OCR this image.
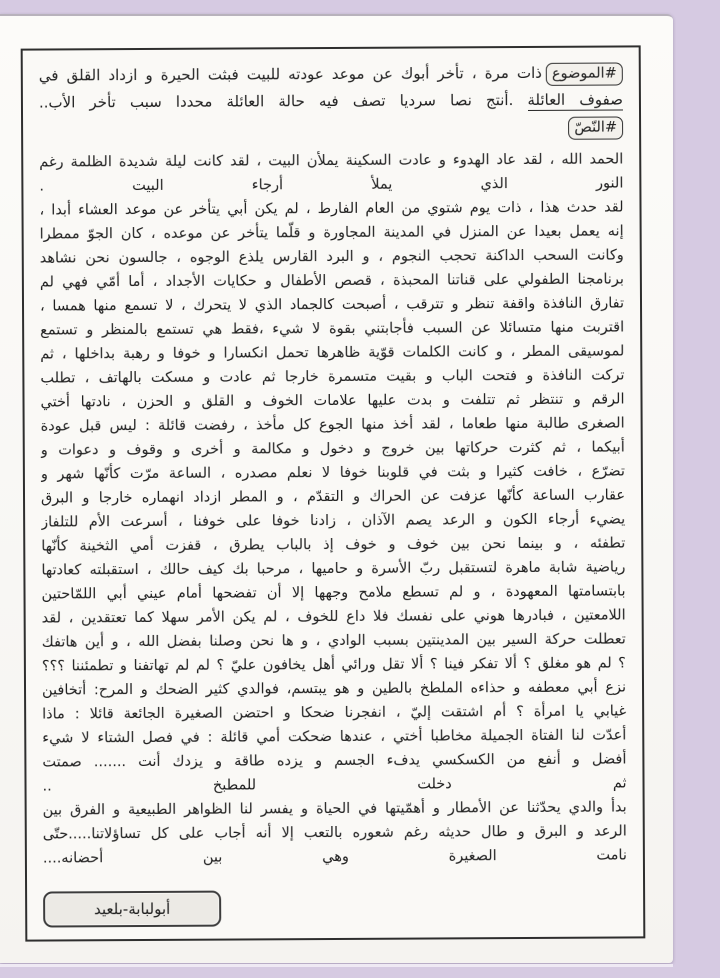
#الموضوعذات مرة ، تأخر أبوك عن موعد عودته للبيت فبثت الحيرة و ازداد القلق في
صفوف العائلة .أنتج نصا سرديا تصف فيه حالة العائلة محددا سبب تأخر الأب..
#النّصّ
الحمد الله ، لقد عاد الهدوء و عادت السكينة يملأن البيت ، لقد كانت ليلة شديدة الظلمة رغم
النور الذي يملأ أرجاء البيت .
لقد حدث هذا ، ذات يوم شتوي من العام الفارط ، لم يكن أبي يتأخر عن موعد العشاء أبدا ،
إنه يعمل بعيدا عن المنزل في المدينة المجاورة و قلّما يتأخر عن موعده ، كان الجوّ ممطرا
وكانت السحب الداكنة تحجب النجوم ، و البرد القارس يلذع الوجوه ، جالسون نحن نشاهد
برنامجنا الطفولي على قناتنا المحبذة ، قصص الأطفال و حكايات الأجداد ، أما أمّي فهي لم
تفارق النافذة واقفة تنظر و تترقب ، أصبحت كالجماد الذي لا يتحرك ، لا تسمع منها همسا ،
اقتربت منها متسائلا عن السبب فأجابتني بقوة لا شيء ،فقط هي تستمع بالمنظر و تستمع
لموسيقى المطر ، و كانت الكلمات قوّية ظاهرها تحمل انكسارا و خوفا و رهبة بداخلها ، ثم
تركت النافذة و فتحت الباب و بقيت متسمرة خارجا ثم عادت و مسكت بالهاتف ، تطلب
الرقم و تنتظر ثم تتلفت و بدت عليها علامات الخوف و القلق و الحزن ، نادتها أختي
الصغرى طالبة منها طعاما ، لقد أخذ منها الجوع كل مأخذ ، رفضت قائلة : ليس قبل عودة
أبيكما ، ثم كثرت حركاتها بين خروج و دخول و مكالمة و أخرى و وقوف و دعوات و
تضرّع ، خافت كثيرا و بثت في قلوبنا خوفا لا نعلم مصدره ، الساعة مرّت كأنّها شهر و
عقارب الساعة كأنّها عزفت عن الحراك و التقدّم ، و المطر ازداد انهماره خارجا و البرق
يضيء أرجاء الكون و الرعد يصم الآذان ، زادنا خوفا على خوفنا ، أسرعت الأم للتلفاز
تطفئه ، و بينما نحن بين خوف و خوف إذ بالباب يطرق ، قفزت أمي الثخينة كأنّها
رياضية شابة ماهرة لتستقبل ربّ الأسرة و حاميها ، مرحبا بك كيف حالك ، استقبلته كعادتها
بابتسامتها المعهودة ، و لم تسطع ملامح وجهها إلا أن تفضحها أمام عيني أبي اللمّاحتين
اللامعتين ، فبادرها هوني على نفسك فلا داع للخوف ، لم يكن الأمر سهلا كما تعتقدين ، لقد
تعطلت حركة السير بين المدينتين بسبب الوادي ، و ها نحن وصلنا بفضل الله ، و أين هاتفك
؟ لم هو مغلق ؟ ألا تفكر فينا ؟ ألا تقل ورائي أهل يخافون عليّ ؟ لم لم تهاتفنا و تطمئننا ؟؟؟
نزع أبي معطفه و حذاءه الملطخ بالطين و هو يبتسم، فوالدي كثير الضحك و المرح: أتخافين
غيابي يا امرأة ؟ أم اشتقت إليّ ، انفجرنا ضحكا و احتضن الصغيرة الجائعة قائلا : ماذا
أعدّت لنا الفتاة الجميلة مخاطبا أختي ، عندها ضحكت أمي قائلة : في فصل الشتاء لا شيء
أفضل و أنفع من الكسكسي يدفء الجسم و يزده طاقة و يزدك أنت ....... صمتت
ثم دخلت للمطبخ ..
بدأ والدي يحدّثنا عن الأمطار و أهمّيتها في الحياة و يفسر لنا الظواهر الطبيعية و الفرق بين
الرعد و البرق و طال حديثه رغم شعوره بالتعب إلا أنه أجاب على كل تساؤلاتنا.....حتّى
نامت الصغيرة وهي بين أحضانه....
أبولبابة-بلعيد
